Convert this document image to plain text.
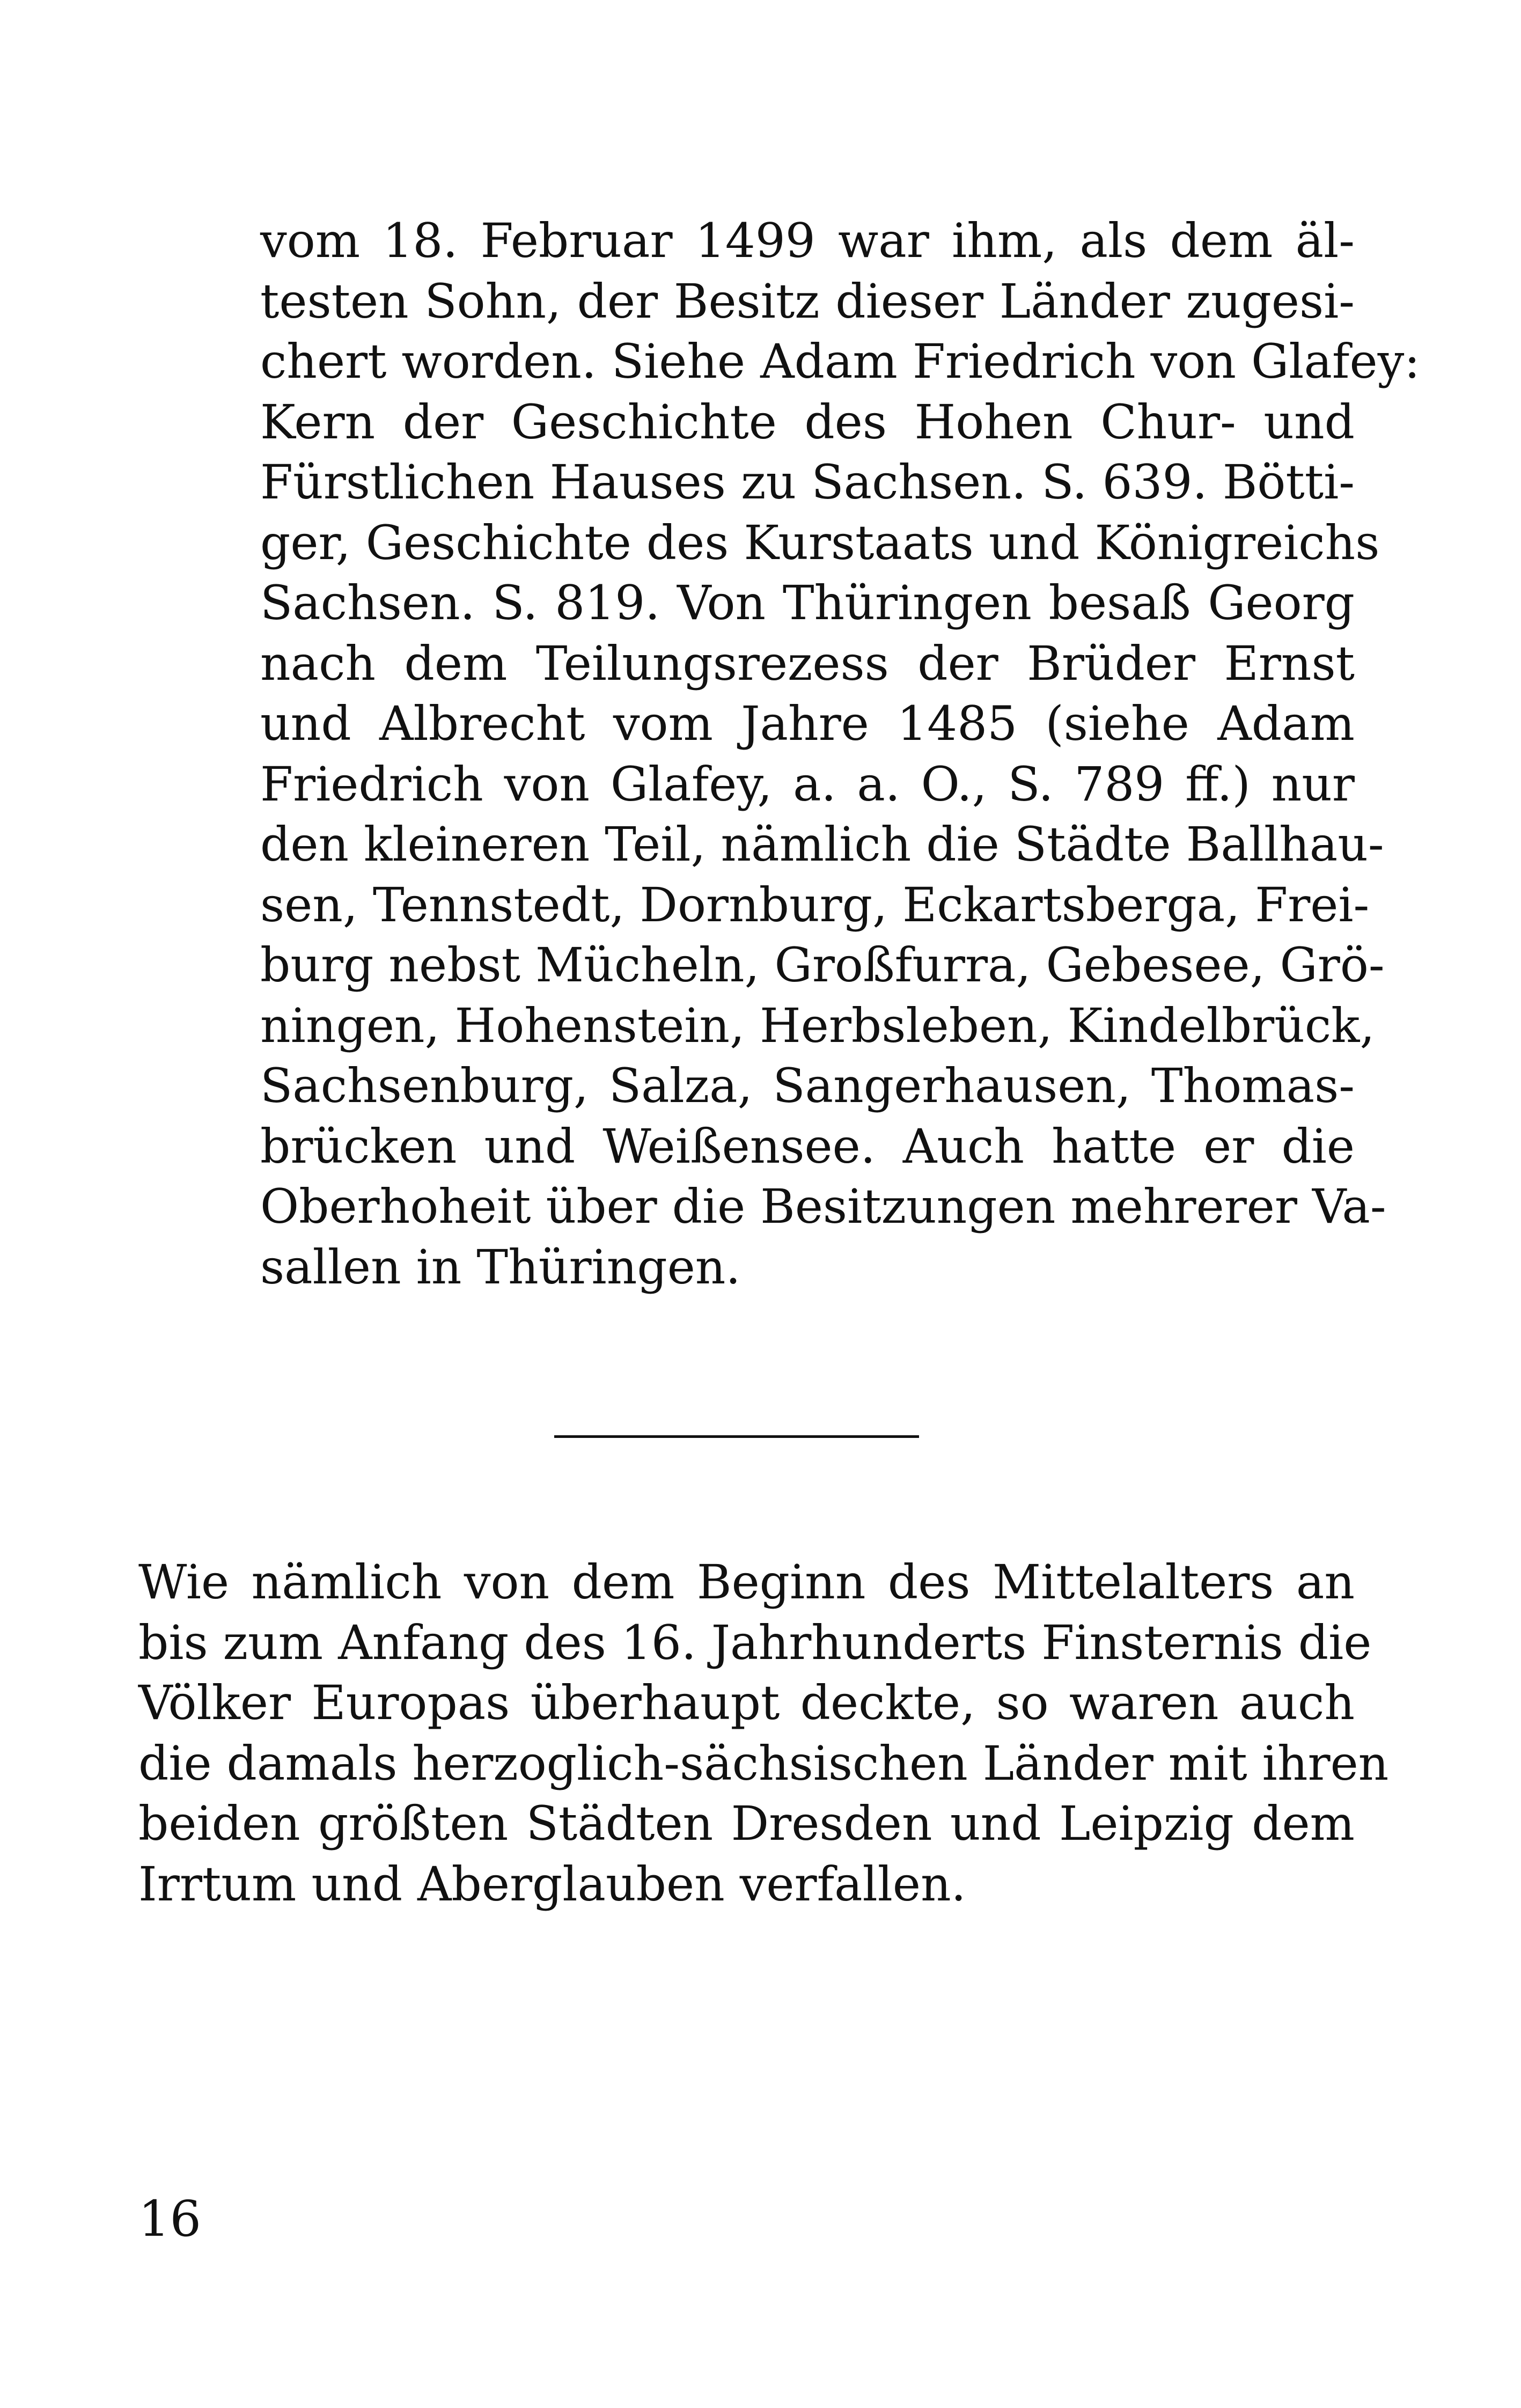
vom 18. Februar 1499 war ihm, als dem äl-
testen Sohn, der Besitz dieser Länder zugesi-
chert worden. Siehe Adam Friedrich von Glafey:
Kern der Geschichte des Hohen Chur- und
Fürstlichen Hauses zu Sachsen. S. 639. Bötti-
ger, Geschichte des Kurstaats und Königreichs
Sachsen. S. 819. Von Thüringen besaß Georg
nach dem Teilungsrezess der Brüder Ernst
und Albrecht vom Jahre 1485 (siehe Adam
Friedrich von Glafey, a. a. O., S. 789 ff.) nur
den kleineren Teil, nämlich die Städte Ballhau-
sen, Tennstedt, Dornburg, Eckartsberga, Frei-
burg nebst Mücheln, Großfurra, Gebesee, Grö-
ningen, Hohenstein, Herbsleben, Kindelbrück,
Sachsenburg, Salza, Sangerhausen, Thomas-
brücken und Weißensee. Auch hatte er die
Oberhoheit über die Besitzungen mehrerer Va-
sallen in Thüringen.
Wie nämlich von dem Beginn des Mittelalters an
bis zum Anfang des 16. Jahrhunderts Finsternis die
Völker Europas überhaupt deckte, so waren auch
die damals herzoglich-sächsischen Länder mit ihren
beiden größten Städten Dresden und Leipzig dem
Irrtum und Aberglauben verfallen.
16
